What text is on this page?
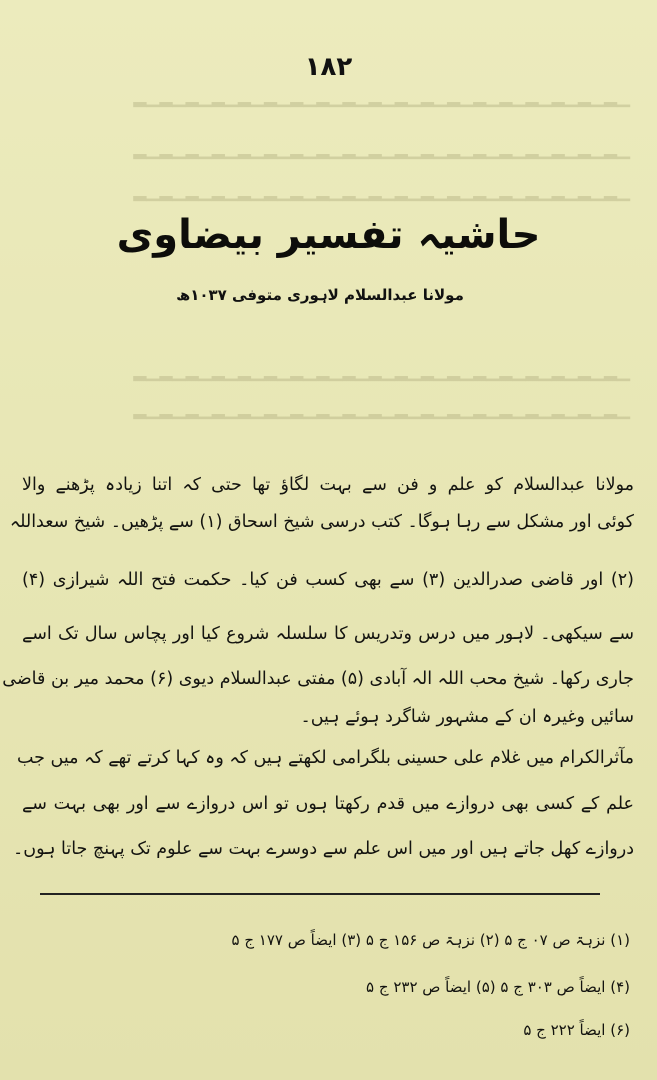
▁▂▁▂▁▂▁▂▁▂▁▂▁▂▁▂▁▂▁▂▁▂▁▂▁▂▁▂▁▂▁▂▁▂▁▂▁▂
▁▂▁▂▁▂▁▂▁▂▁▂▁▂▁▂▁▂▁▂▁▂▁▂▁▂▁▂▁▂▁▂▁▂▁▂▁▂
▁▂▁▂▁▂▁▂▁▂▁▂▁▂▁▂▁▂▁▂▁▂▁▂▁▂▁▂▁▂▁▂▁▂▁▂▁▂
▁▂▁▂▁▂▁▂▁▂▁▂▁▂▁▂▁▂▁▂▁▂▁▂▁▂▁▂▁▂▁▂▁▂▁▂▁▂
▁▂▁▂▁▂▁▂▁▂▁▂▁▂▁▂▁▂▁▂▁▂▁▂▁▂▁▂▁▂▁▂▁▂▁▂▁▂
۱۸۲
حاشیہ تفسیر بیضاوی
مولانا عبدالسلام لاہوری متوفی ۱۰۳۷ھ
مولانا عبدالسلام کو علم و فن سے بہت لگاؤ تھا حتی کہ اتنا زیادہ پڑھنے والا
کوئی اور مشکل سے رہا ہوگا۔ کتب درسی شیخ اسحاق (۱) سے پڑھیں۔ شیخ سعداللہ
(۲) اور قاضی صدرالدین (۳) سے بھی کسب فن کیا۔ حکمت فتح اللہ شیرازی (۴)
سے سیکھی۔ لاہور میں درس وتدریس کا سلسلہ شروع کیا اور پچاس سال تک اسے
جاری رکھا۔ شیخ محب اللہ الہ آبادی (۵) مفتی عبدالسلام دیوی (۶) محمد میر بن قاضی
سائیں وغیرہ ان کے مشہور شاگرد ہوئے ہیں۔
مآثرالکرام میں غلام علی حسینی بلگرامی لکھتے ہیں کہ وہ کہا کرتے تھے کہ میں جب
علم کے کسی بھی دروازے میں قدم رکھتا ہوں تو اس دروازے سے اور بھی بہت سے
دروازے کھل جاتے ہیں اور میں اس علم سے دوسرے بہت سے علوم تک پہنچ جاتا ہوں۔
(۱) نزہۃ ص ۰۷ ج ۵ (۲) نزہۃ ص ۱۵۶ ج ۵ (۳) ایضاً ص ۱۷۷ ج ۵
(۴) ایضاً ص ۳۰۳ ج ۵ (۵) ایضاً ص ۲۳۲ ج ۵
(۶) ایضاً ۲۲۲ ج ۵
